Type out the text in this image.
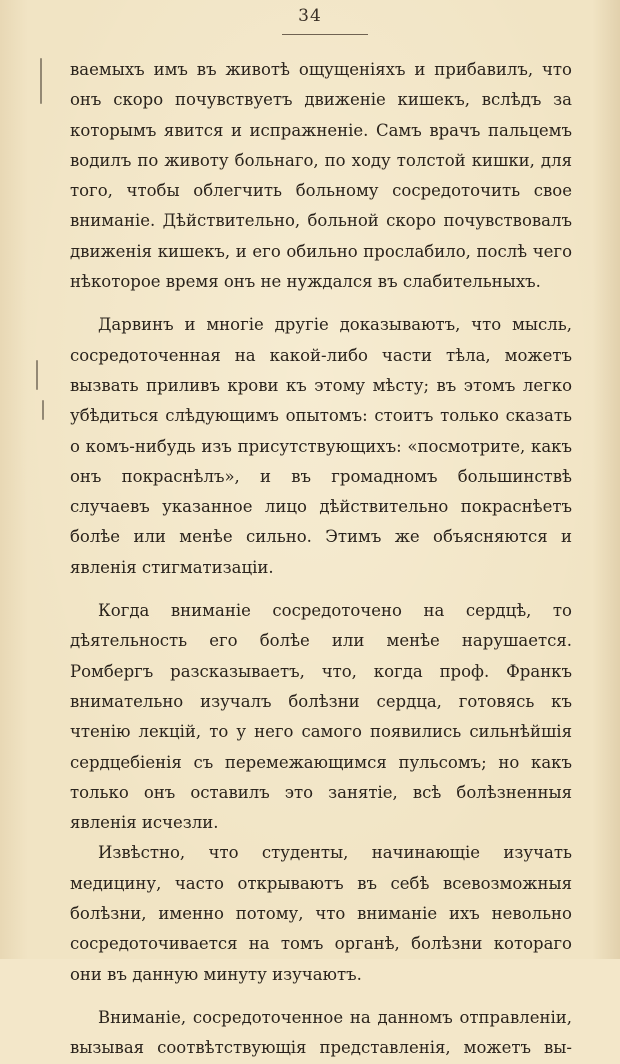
34

ваемыхъ имъ въ животѣ ощущеніяхъ и прибавилъ, что онъ скоро почувствуетъ движеніе кишекъ, вслѣдъ за которымъ явится и испражненіе. Самъ врачъ пальцемъ водилъ по животу больнаго, по ходу толстой кишки, для того, чтобы облегчить больному сосредоточить свое вниманіе. Дѣйствительно, больной скоро почувствовалъ движенія кишекъ, и его обильно прослабило, послѣ чего нѣкоторое время онъ не нуждался въ слабительныхъ.

Дарвинъ и многіе другіе доказываютъ, что мысль, сосредоточенная на какой-либо части тѣла, можетъ вызвать приливъ крови къ этому мѣсту; въ этомъ легко убѣдиться слѣдующимъ опытомъ: стоитъ только сказать о комъ-нибудь изъ присутствующихъ: «посмотрите, какъ онъ покраснѣлъ», и въ громадномъ большинствѣ случаевъ указанное лицо дѣйствительно покраснѣетъ болѣе или менѣе сильно. Этимъ же объясняются и явленія стигматизаціи.

Когда вниманіе сосредоточено на сердцѣ, то дѣятельность его болѣе или менѣе нарушается. Ромбергъ разсказываетъ, что, когда проф. Франкъ внимательно изучалъ болѣзни сердца, готовясь къ чтенію лекцій, то у него самого появились сильнѣйшія сердцебіенія съ перемежающимся пульсомъ; но какъ только онъ оставилъ это занятіе, всѣ болѣзненныя явленія исчезли.

Извѣстно, что студенты, начинающіе изучать медицину, часто открываютъ въ себѣ всевозможныя болѣзни, именно потому, что вниманіе ихъ невольно сосредоточивается на томъ органѣ, болѣзни котораго они въ данную минуту изучаютъ.

Вниманіе, сосредоточенное на данномъ отправленіи, вызывая соотвѣтствующія представленія, можетъ вы-
